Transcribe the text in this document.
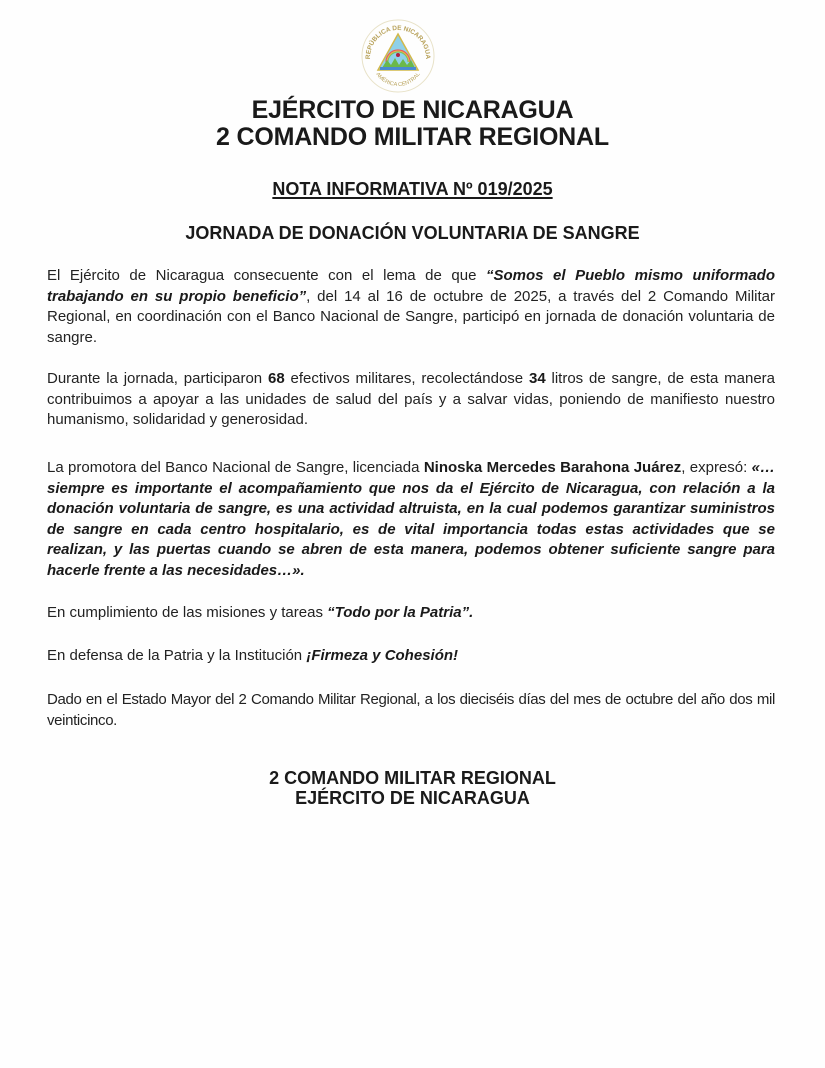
REPÚBLICA DE NICARAGUA
AMÉRICA CENTRAL
EJÉRCITO DE NICARAGUA
2 COMANDO MILITAR REGIONAL
NOTA INFORMATIVA Nº 019/2025
JORNADA DE DONACIÓN VOLUNTARIA DE SANGRE
El Ejército de Nicaragua consecuente con el lema de que “Somos el Pueblo mismo uniformado trabajando en su propio beneficio”, del 14 al 16 de octubre de 2025, a través del 2 Comando Militar Regional, en coordinación con el Banco Nacional de Sangre, participó en jornada de donación voluntaria de sangre.
Durante la jornada, participaron 68 efectivos militares, recolectándose 34 litros de sangre, de esta manera contribuimos a apoyar a las unidades de salud del país y a salvar vidas, poniendo de manifiesto nuestro humanismo, solidaridad y generosidad.
La promotora del Banco Nacional de Sangre, licenciada Ninoska Mercedes Barahona Juárez, expresó: «…siempre es importante el acompañamiento que nos da el Ejército de Nicaragua, con relación a la donación voluntaria de sangre, es una actividad altruista, en la cual podemos garantizar suministros de sangre en cada centro hospitalario, es de vital importancia todas estas actividades que se realizan, y las puertas cuando se abren de esta manera, podemos obtener suficiente sangre para hacerle frente a las necesidades…».
En cumplimiento de las misiones y tareas “Todo por la Patria”.
En defensa de la Patria y la Institución ¡Firmeza y Cohesión!
Dado en el Estado Mayor del 2 Comando Militar Regional, a los dieciséis días del mes de octubre del año dos mil veinticinco.
2 COMANDO MILITAR REGIONAL
EJÉRCITO DE NICARAGUA
